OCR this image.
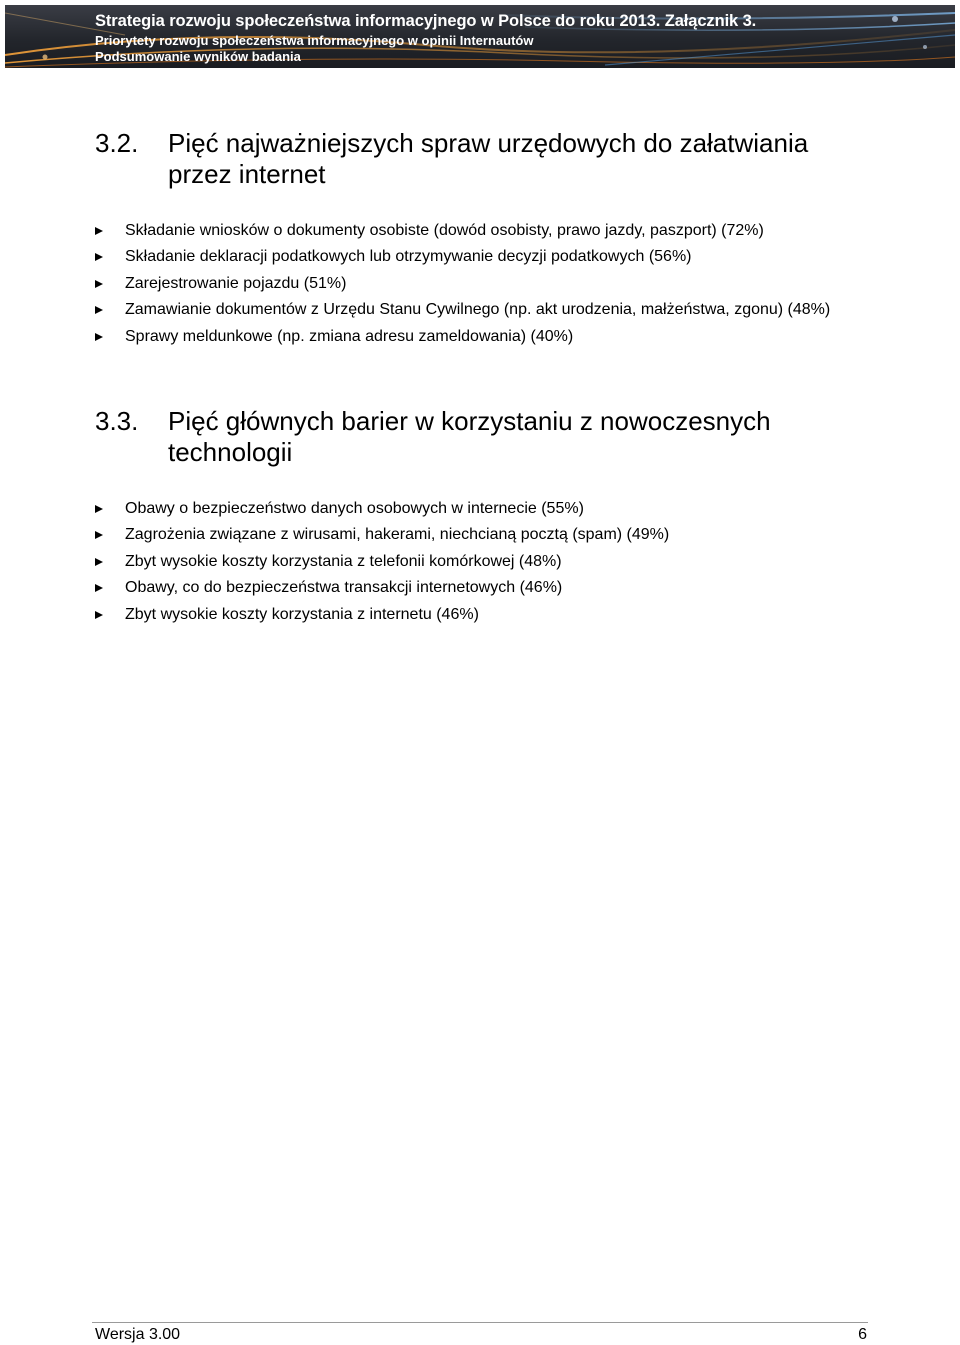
Strategia rozwoju społeczeństwa informacyjnego w Polsce do roku 2013. Załącznik 3.
Priorytety rozwoju społeczeństwa informacyjnego w opinii Internautów
Podsumowanie wyników badania
3.2. Pięć najważniejszych spraw urzędowych do załatwiania przez internet
Składanie wniosków o dokumenty osobiste (dowód osobisty, prawo jazdy, paszport) (72%)
Składanie deklaracji podatkowych lub otrzymywanie decyzji podatkowych (56%)
Zarejestrowanie pojazdu (51%)
Zamawianie dokumentów z Urzędu Stanu Cywilnego (np. akt urodzenia, małżeństwa, zgonu) (48%)
Sprawy meldunkowe (np. zmiana adresu zameldowania) (40%)
3.3. Pięć głównych barier w korzystaniu z nowoczesnych technologii
Obawy o bezpieczeństwo danych osobowych w internecie (55%)
Zagrożenia związane z wirusami, hakerami, niechcianą pocztą (spam) (49%)
Zbyt wysokie koszty korzystania z telefonii komórkowej (48%)
Obawy, co do bezpieczeństwa transakcji internetowych (46%)
Zbyt wysokie koszty korzystania z internetu (46%)
Wersja 3.00	6
